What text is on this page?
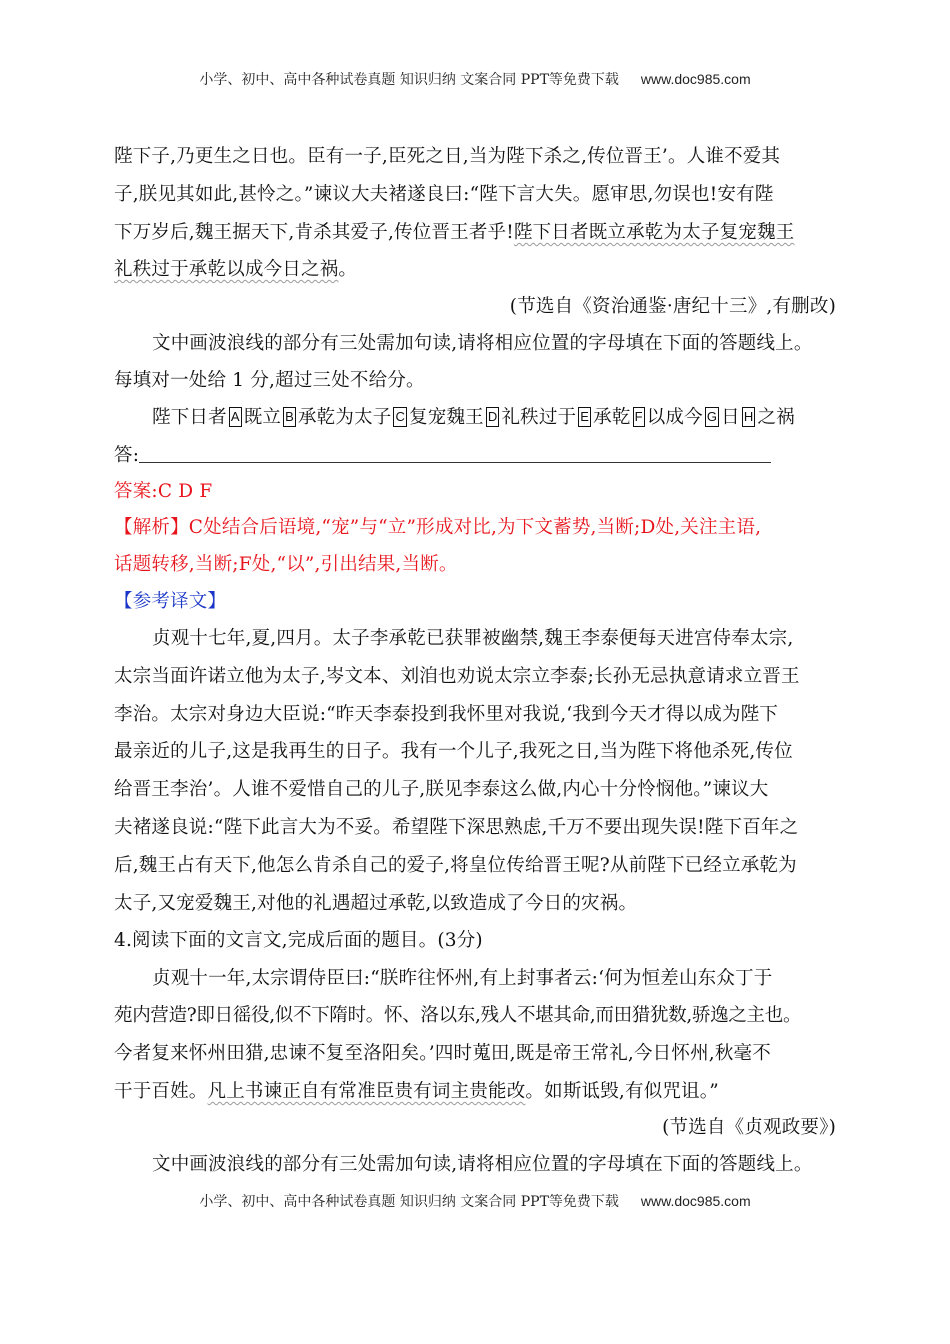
小学、初中、高中各种试卷真题 知识归纳 文案合同 PPT等免费下载 www.doc985.com
陛下子,乃更生之日也。臣有一子,臣死之日,当为陛下杀之,传位晋王’。人谁不爱其
子,朕见其如此,甚怜之。”谏议大夫褚遂良曰:“陛下言大失。愿审思,勿误也!安有陛
下万岁后,魏王据天下,肯杀其爱子,传位晋王者乎!陛下日者既立承乾为太子复宠魏王
礼秩过于承乾以成今日之祸。
(节选自《资治通鉴·唐纪十三》,有删改)
文中画波浪线的部分有三处需加句读,请将相应位置的字母填在下面的答题线上。
每填对一处给 1 分,超过三处不给分。
陛下日者 A 既立 B 承乾为太子 C 复宠魏王 D 礼秩过于 E 承乾 F 以成今 G 日 H 之祸
答:
答案:C D F
【解析】C处结合后语境,“宠”与“立”形成对比,为下文蓄势,当断;D处,关注主语,
话题转移,当断;F处,“以”,引出结果,当断。
【参考译文】
贞观十七年,夏,四月。太子李承乾已获罪被幽禁,魏王李泰便每天进宫侍奉太宗,
太宗当面许诺立他为太子,岑文本、刘洎也劝说太宗立李泰;长孙无忌执意请求立晋王
李治。太宗对身边大臣说:“昨天李泰投到我怀里对我说,‘我到今天才得以成为陛下
最亲近的儿子,这是我再生的日子。我有一个儿子,我死之日,当为陛下将他杀死,传位
给晋王李治’。人谁不爱惜自己的儿子,朕见李泰这么做,内心十分怜悯他。”谏议大
夫褚遂良说:“陛下此言大为不妥。希望陛下深思熟虑,千万不要出现失误!陛下百年之
后,魏王占有天下,他怎么肯杀自己的爱子,将皇位传给晋王呢?从前陛下已经立承乾为
太子,又宠爱魏王,对他的礼遇超过承乾,以致造成了今日的灾祸。
4.阅读下面的文言文,完成后面的题目。(3分)
贞观十一年,太宗谓侍臣曰:“朕昨往怀州,有上封事者云:‘何为恒差山东众丁于
苑内营造?即日徭役,似不下隋时。怀、洛以东,残人不堪其命,而田猎犹数,骄逸之主也。
今者复来怀州田猎,忠谏不复至洛阳矣。’四时蒐田,既是帝王常礼,今日怀州,秋毫不
干于百姓。凡上书谏正自有常准臣贵有词主贵能改。如斯诋毁,有似咒诅。”
(节选自《贞观政要》)
文中画波浪线的部分有三处需加句读,请将相应位置的字母填在下面的答题线上。
小学、初中、高中各种试卷真题 知识归纳 文案合同 PPT等免费下载 www.doc985.com
